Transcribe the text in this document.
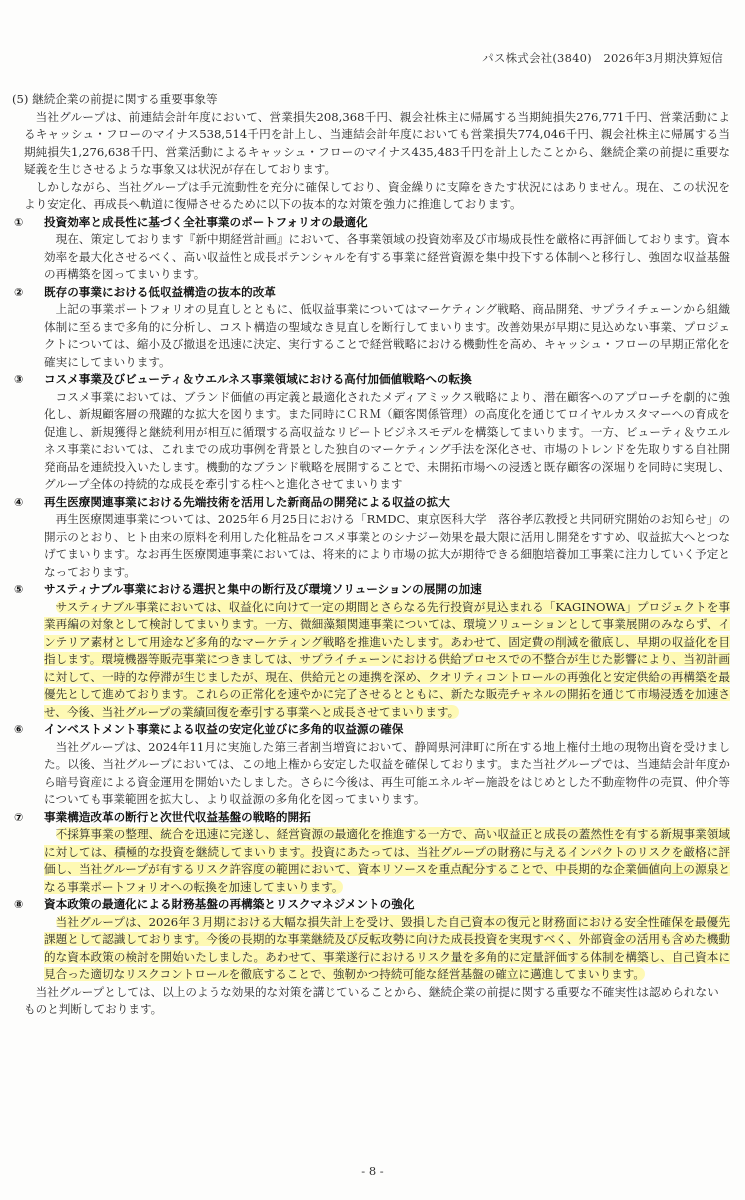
パス株式会社(3840)　2026年3月期決算短信

(5) 継続企業の前提に関する重要事象等

当社グループは、前連結会計年度において、営業損失208,368千円、親会社株主に帰属する当期純損失276,771千円、営業活動によるキャッシュ・フローのマイナス538,514千円を計上し、当連結会計年度においても営業損失774,046千円、親会社株主に帰属する当期純損失1,276,638千円、営業活動によるキャッシュ・フローのマイナス435,483千円を計上したことから、継続企業の前提に重要な疑義を生じさせるような事象又は状況が存在しております。

しかしながら、当社グループは手元流動性を充分に確保しており、資金繰りに支障をきたす状況にはありません。現在、この状況をより安定化、再成長へ軌道に復帰させるために以下の抜本的な対策を強力に推進しております。

①	投資効率と成長性に基づく全社事業のポートフォリオの最適化

現在、策定しております『新中期経営計画』において、各事業領域の投資効率及び市場成長性を厳格に再評価しております。資本効率を最大化させるべく、高い収益性と成長ポテンシャルを有する事業に経営資源を集中投下する体制へと移行し、強固な収益基盤の再構築を図ってまいります。

②	既存の事業における低収益構造の抜本的改革

上記の事業ポートフォリオの見直しとともに、低収益事業についてはマーケティング戦略、商品開発、サプライチェーンから組織体制に至るまで多角的に分析し、コスト構造の聖域なき見直しを断行してまいります。改善効果が早期に見込めない事業、プロジェクトについては、縮小及び撤退を迅速に決定、実行することで経営戦略における機動性を高め、キャッシュ・フローの早期正常化を確実にしてまいります。

③	コスメ事業及びビューティ＆ウエルネス事業領域における高付加価値戦略への転換

コスメ事業においては、ブランド価値の再定義と最適化されたメディアミックス戦略により、潜在顧客へのアプローチを劇的に強化し、新規顧客層の飛躍的な拡大を図ります。また同時にＣＲＭ（顧客関係管理）の高度化を通じてロイヤルカスタマーへの育成を促進し、新規獲得と継続利用が相互に循環する高収益なリピートビジネスモデルを構築してまいります。一方、ビューティ＆ウエルネス事業においては、これまでの成功事例を背景とした独自のマーケティング手法を深化させ、市場のトレンドを先取りする自社開発商品を連続投入いたします。機動的なブランド戦略を展開することで、未開拓市場への浸透と既存顧客の深堀りを同時に実現し、グループ全体の持続的な成長を牽引する柱へと進化させてまいります

④	再生医療関連事業における先端技術を活用した新商品の開発による収益の拡大

再生医療関連事業については、2025年６月25日における「RMDC、東京医科大学　落谷孝広教授と共同研究開始のお知らせ」の開示のとおり、ヒト由来の原料を利用した化粧品をコスメ事業とのシナジー効果を最大限に活用し開発をすすめ、収益拡大へとつなげてまいります。なお再生医療関連事業においては、将来的により市場の拡大が期待できる細胞培養加工事業に注力していく予定となっております。

⑤	サスティナブル事業における選択と集中の断行及び環境ソリューションの展開の加速

サスティナブル事業においては、収益化に向けて一定の期間とさらなる先行投資が見込まれる「KAGINOWA」プロジェクトを事業再編の対象として検討してまいります。一方、微細藻類関連事業については、環境ソリューションとして事業展開のみならず、インテリア素材として用途など多角的なマーケティング戦略を推進いたします。あわせて、固定費の削減を徹底し、早期の収益化を目指します。環境機器等販売事業につきましては、サプライチェーンにおける供給プロセスでの不整合が生じた影響により、当初計画に対して、一時的な停滞が生じましたが、現在、供給元との連携を深め、クオリティコントロールの再強化と安定供給の再構築を最優先として進めております。これらの正常化を速やかに完了させるとともに、新たな販売チャネルの開拓を通じて市場浸透を加速させ、今後、当社グループの業績回復を牽引する事業へと成長させてまいります。

⑥	インベストメント事業による収益の安定化並びに多角的収益源の確保

当社グループは、2024年11月に実施した第三者割当増資において、静岡県河津町に所在する地上権付土地の現物出資を受けました。以後、当社グループにおいては、この地上権から安定した収益を確保しております。また当社グループでは、当連結会計年度から暗号資産による資金運用を開始いたしました。さらに今後は、再生可能エネルギー施設をはじめとした不動産物件の売買、仲介等についても事業範囲を拡大し、より収益源の多角化を図ってまいります。

⑦	事業構造改革の断行と次世代収益基盤の戦略的開拓

不採算事業の整理、統合を迅速に完遂し、経営資源の最適化を推進する一方で、高い収益正と成長の蓋然性を有する新規事業領域に対しては、積極的な投資を継続してまいります。投資にあたっては、当社グループの財務に与えるインパクトのリスクを厳格に評価し、当社グループが有するリスク許容度の範囲において、資本リソースを重点配分することで、中長期的な企業価値向上の源泉となる事業ポートフォリオへの転換を加速してまいります。

⑧	資本政策の最適化による財務基盤の再構築とリスクマネジメントの強化

当社グループは、2026年３月期における大幅な損失計上を受け、毀損した自己資本の復元と財務面における安全性確保を最優先課題として認識しております。今後の長期的な事業継続及び反転攻勢に向けた成長投資を実現すべく、外部資金の活用も含めた機動的な資本政策の検討を開始いたしました。あわせて、事業遂行におけるリスク量を多角的に定量評価する体制を構築し、自己資本に見合った適切なリスクコントロールを徹底することで、強靭かつ持続可能な経営基盤の確立に邁進してまいります。

当社グループとしては、以上のような効果的な対策を講じていることから、継続企業の前提に関する重要な不確実性は認められないものと判断しております。

- 8 -
